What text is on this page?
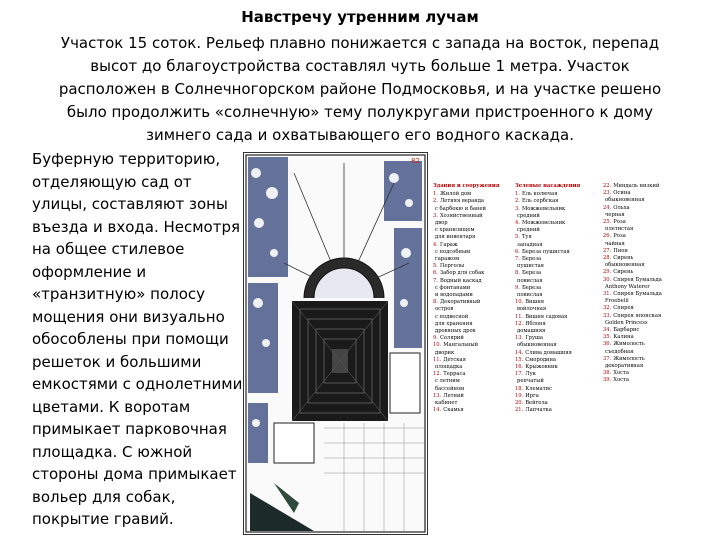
Навстречу утренним лучам
Участок 15 соток. Рельеф плавно понижается с запада на восток, перепад высот до благоустройства составлял чуть больше 1 метра. Участок расположен в Солнечногорском районе Подмосковья, и на участке решено было продолжить «солнечную» тему полукругами пристроенного к дому зимнего сада и охватывающего его водного каскада.
Буферную территорию, отделяющую сад от улицы, составляют зоны въезда и входа. Несмотря на общее стилевое оформление и «транзитную» полосу мощения они визуально обособлены при помощи решеток и большими емкостями с однолетними цветами. К воротам примыкает парковочная площадка. С южной стороны дома примыкает вольер для собак, покрытие гравий.
82
Здания и сооружения
1. Жилой дом
2. Летняя веранда
с барбекю и баней
3. Хозяйственный
двор
с хранилищем
для инвентаря
4. Гараж
с подсобным
гаражом
5. Перголы
6. Забор для собак
7. Водный каскад
с фонтанами
и водопадами
8. Декоративный
остров
с подвесной
для хранения
дровяных дров
9. Солярий
10. Мангальный
дворик
11. Детская
площадка
12. Терраса
с летним
бассейном
13. Летний
кабинет
14. Скамья
Зеленые насаждения
1. Ель колючая
2. Ель сербская
3. Можжевельник
средний
4. Можжевельник
средний
5. Туя
западная
6. Береза пушистая
7. Береза
пушистая
8. Береза
повислая
9. Береза
повислая
10. Вишня
войлочная
11. Вишня садовая
12. Яблоня
домашняя
13. Груша
обыкновенная
14. Слива домашняя
15. Смородина
16. Крыжовник
17. Лук
репчатый
18. Клематис
19. Ирга
20. Вейгела
21. Лапчатка
22. Миндаль низкий
23. Осина
обыкновенная
24. Ольха
черная
25. Роза
плетистая
26. Роза
чайная
27. Пион
28. Сирень
обыкновенная
29. Сирень
30. Спирея Бумальда
Anthony Waterer
31. Спирея Бумальда
Froebelii
32. Спирея
33. Спирея японская
Golden Princess
34. Барбарис
35. Калина
36. Жимолость
съедобная
37. Жимолость
декоративная
38. Хоста
39. Хоста
